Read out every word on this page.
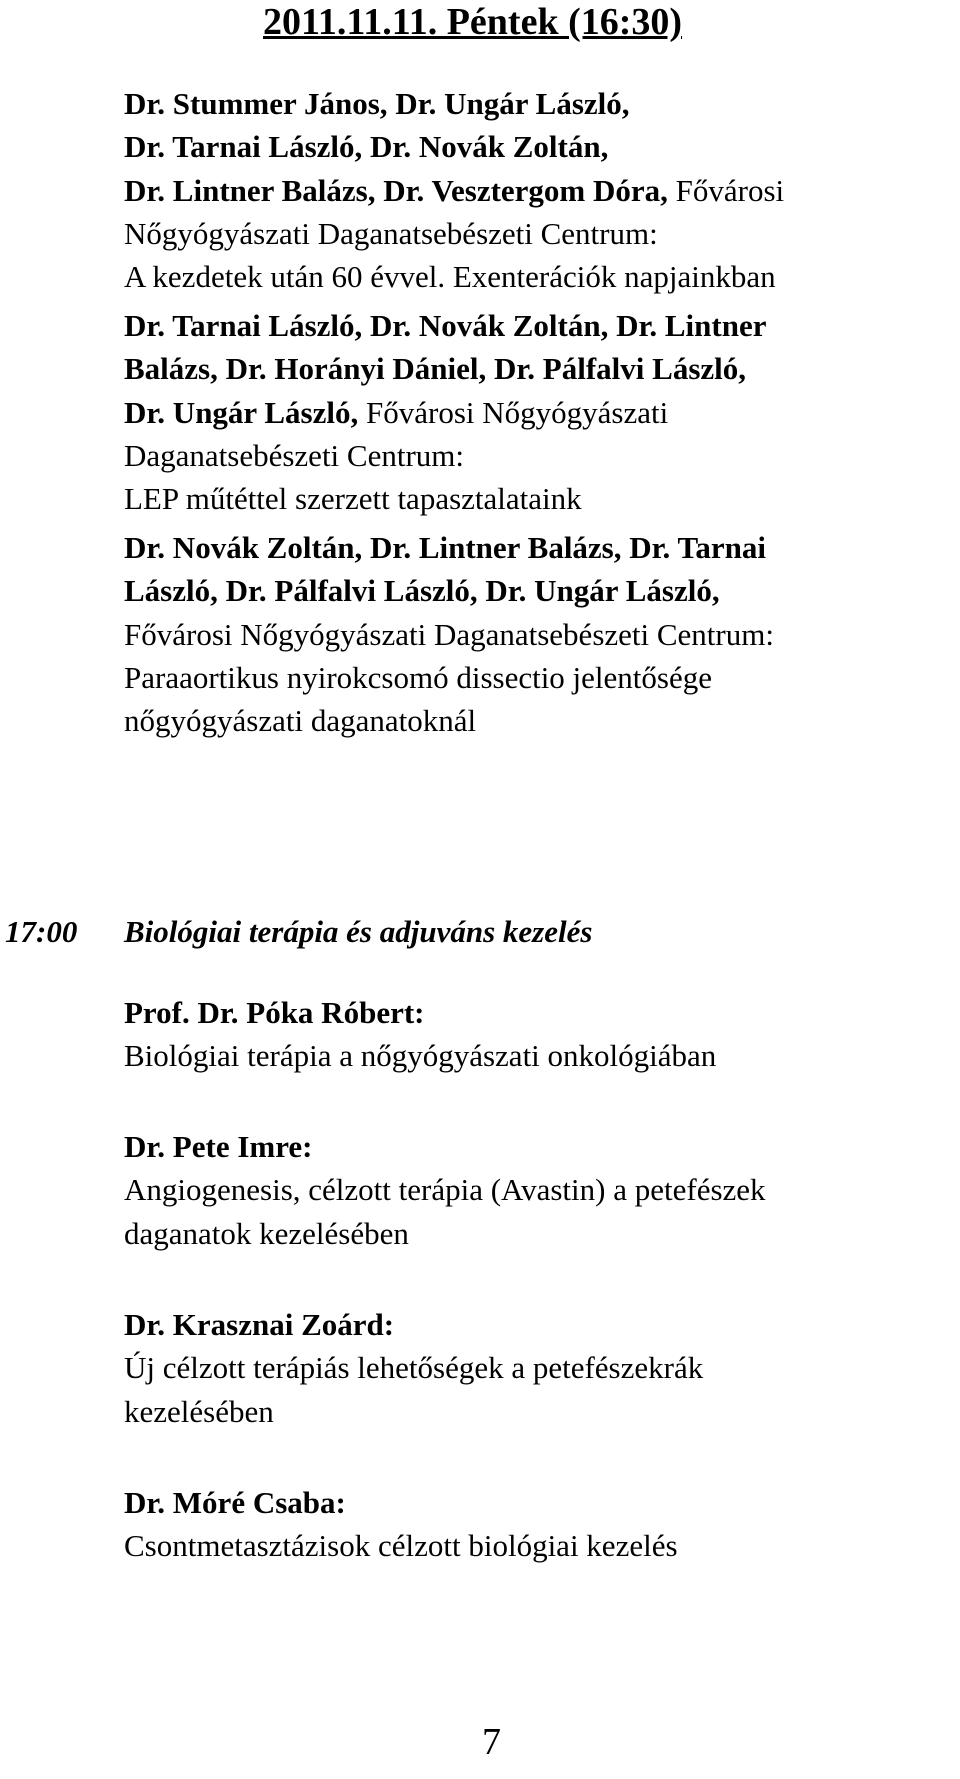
2011.11.11. Péntek (16:30)
Dr. Stummer János, Dr. Ungár László,
Dr. Tarnai László, Dr. Novák Zoltán,
Dr. Lintner Balázs, Dr. Vesztergom Dóra, Fővárosi
Nőgyógyászati Daganatsebészeti Centrum:
A kezdetek után 60 évvel. Exenterációk napjainkban
Dr. Tarnai László, Dr. Novák Zoltán, Dr. Lintner
Balázs, Dr. Horányi Dániel, Dr. Pálfalvi László,
Dr. Ungár László, Fővárosi Nőgyógyászati
Daganatsebészeti Centrum:
LEP műtéttel szerzett tapasztalataink
Dr. Novák Zoltán, Dr. Lintner Balázs, Dr. Tarnai
László, Dr. Pálfalvi László, Dr. Ungár László,
Fővárosi Nőgyógyászati Daganatsebészeti Centrum:
Paraaortikus nyirokcsomó dissectio jelentősége
nőgyógyászati daganatoknál
17:00 Biológiai terápia és adjuváns kezelés
Prof. Dr. Póka Róbert:
Biológiai terápia a nőgyógyászati onkológiában
Dr. Pete Imre:
Angiogenesis, célzott terápia (Avastin) a petefészek
daganatok kezelésében
Dr. Krasznai Zoárd:
Új célzott terápiás lehetőségek a petefészekrák
kezelésében
Dr. Móré Csaba:
Csontmetasztázisok célzott biológiai kezelés
7
